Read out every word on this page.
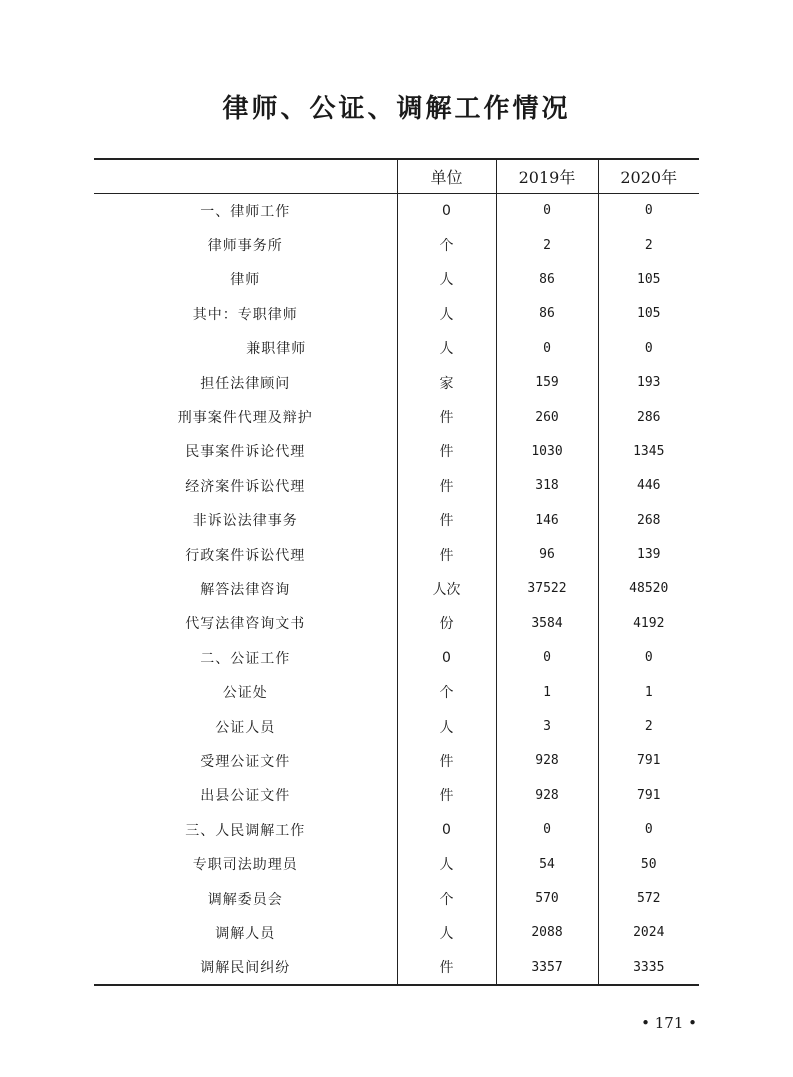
律师、公证、调解工作情况
	单位	2019年	2020年
一、律师工作	0	0	0
律师事务所	个	2	2
律师	人	86	105
其中：专职律师	人	86	105
兼职律师	人	0	0
担任法律顾问	家	159	193
刑事案件代理及辩护	件	260	286
民事案件诉论代理	件	1030	1345
经济案件诉讼代理	件	318	446
非诉讼法律事务	件	146	268
行政案件诉讼代理	件	96	139
解答法律咨询	人次	37522	48520
代写法律咨询文书	份	3584	4192
二、公证工作	0	0	0
公证处	个	1	1
公证人员	人	3	2
受理公证文件	件	928	791
出县公证文件	件	928	791
三、人民调解工作	0	0	0
专职司法助理员	人	54	50
调解委员会	个	570	572
调解人员	人	2088	2024
调解民间纠纷	件	3357	3335
• 171 •
